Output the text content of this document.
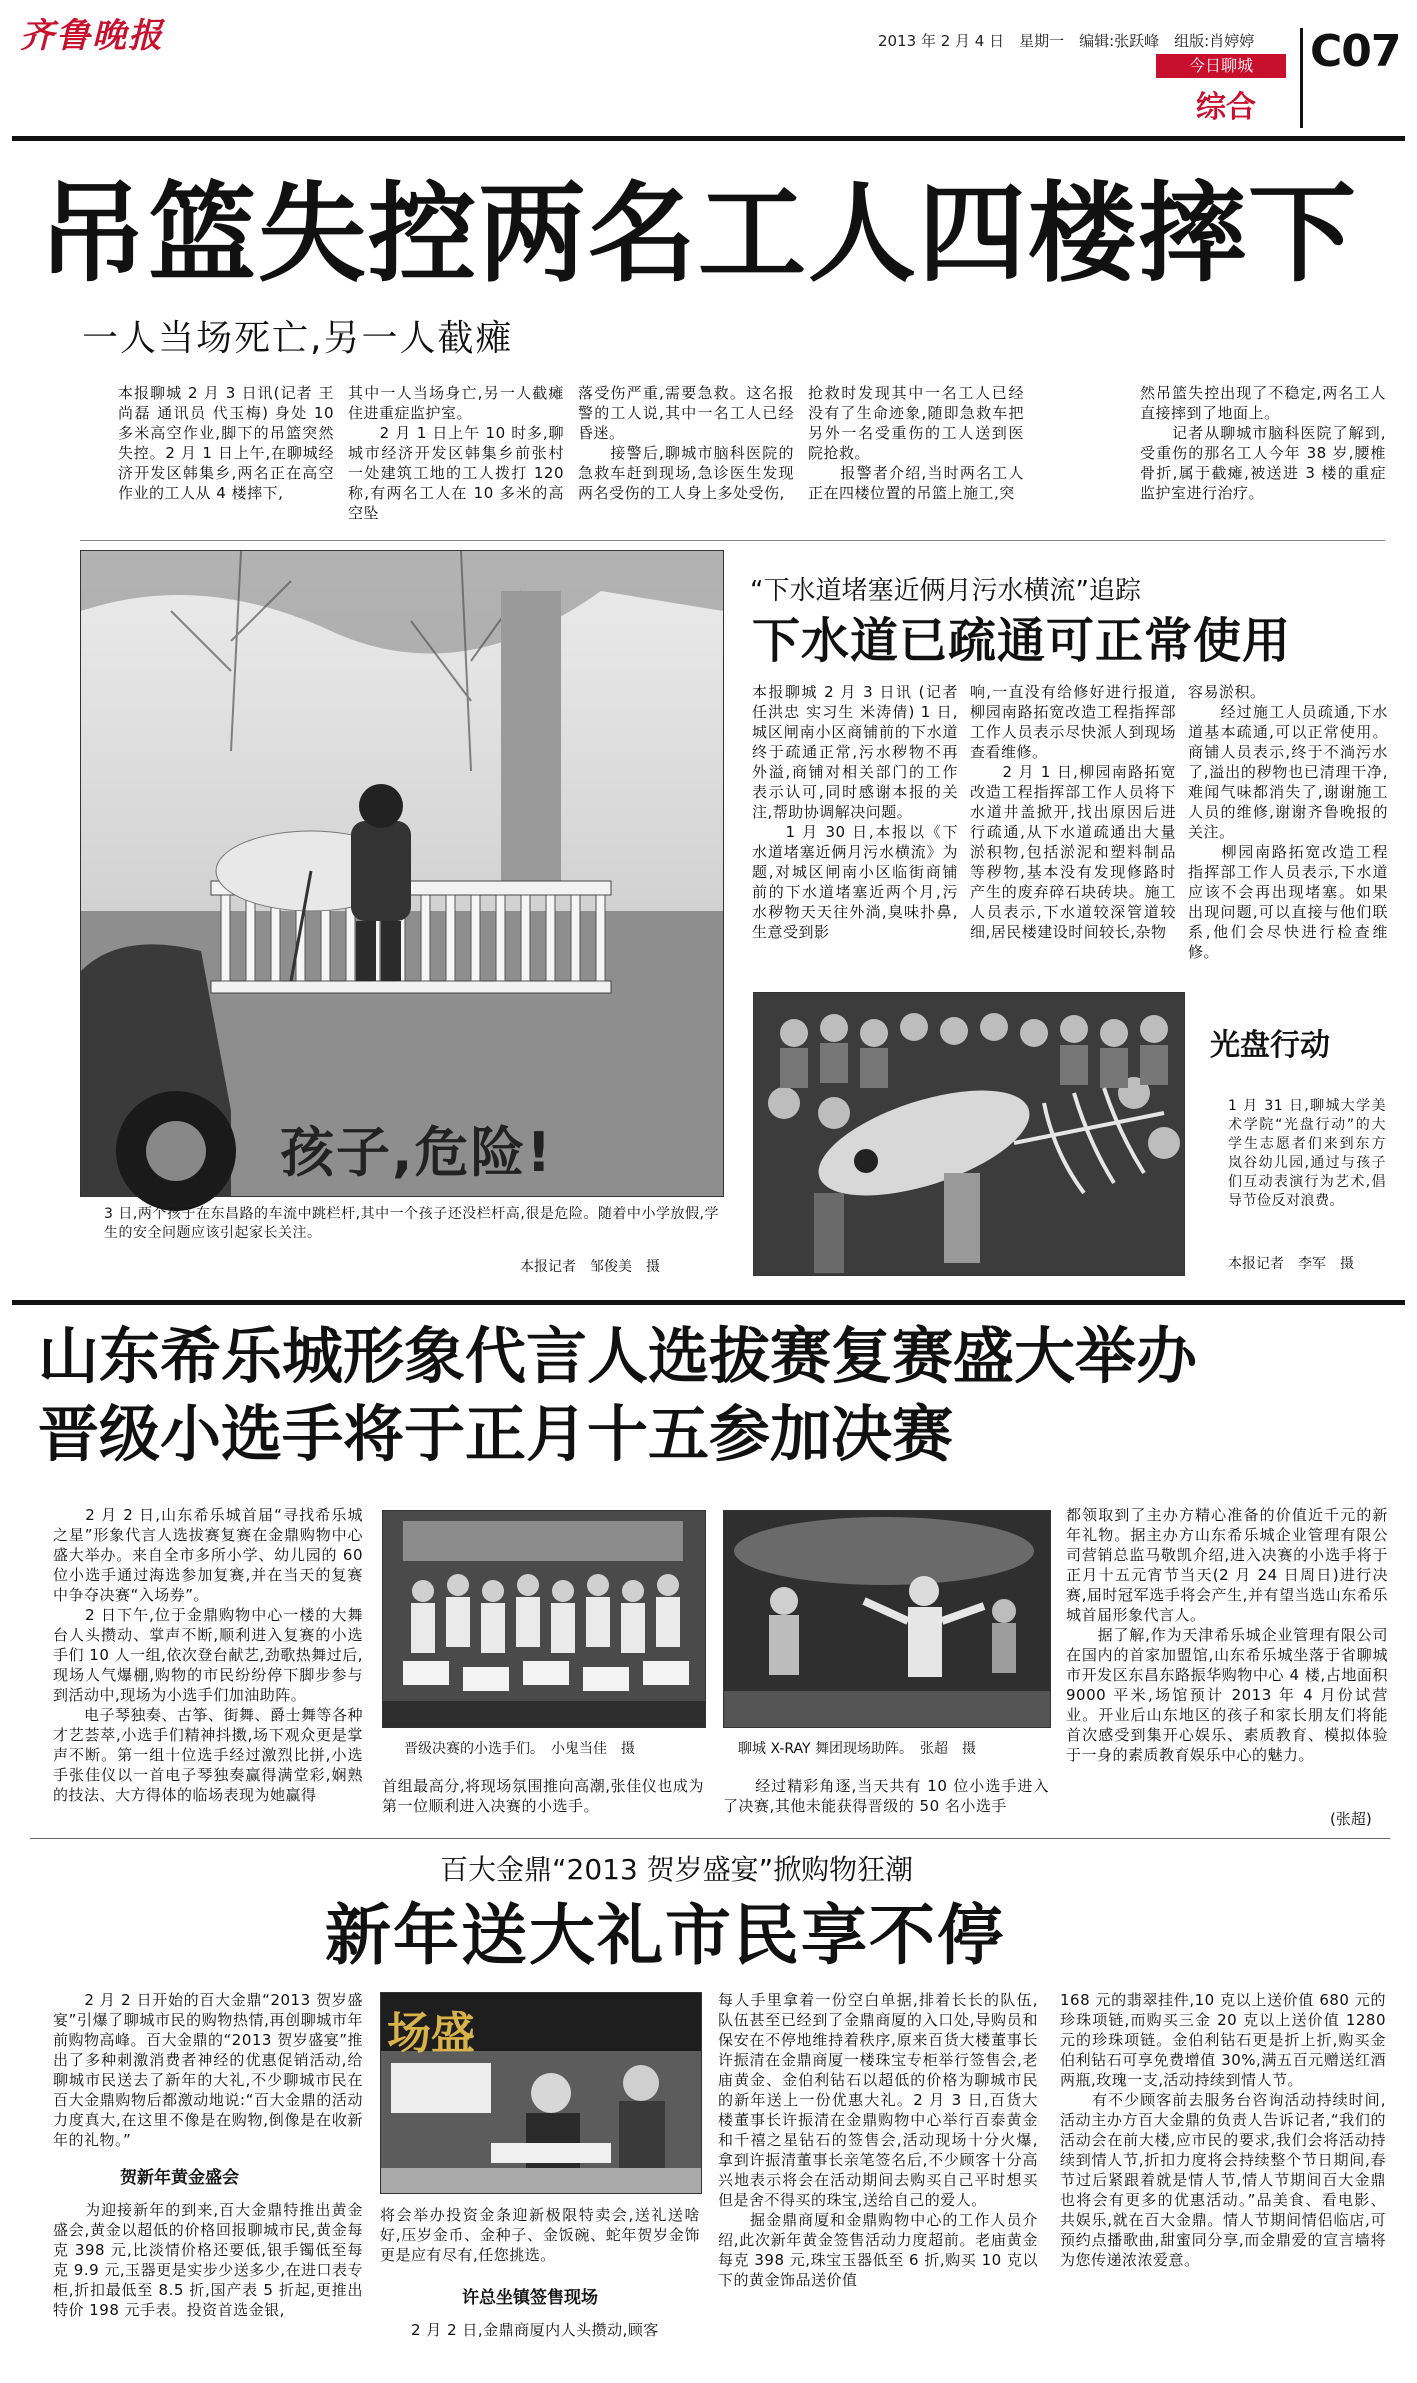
齐鲁晚报	2013 年 2 月 4 日　星期一　编辑:张跃峰　组版:肖婷婷
今日聊城
综合
C07
吊篮失控两名工人四楼摔下
一人当场死亡,另一人截瘫
本报聊城 2 月 3 日讯(记者 王尚磊 通讯员 代玉梅) 身处 10 多米高空作业,脚下的吊篮突然失控。2 月 1 日上午,在聊城经济开发区韩集乡,两名正在高空作业的工人从 4 楼摔下,
其中一人当场身亡,另一人截瘫住进重症监护室。
　　2 月 1 日上午 10 时多,聊城市经济开发区韩集乡前张村一处建筑工地的工人拨打 120 称,有两名工人在 10 多米的高空坠
落受伤严重,需要急救。这名报警的工人说,其中一名工人已经昏迷。
　　接警后,聊城市脑科医院的急救车赶到现场,急诊医生发现两名受伤的工人身上多处受伤,
抢救时发现其中一名工人已经没有了生命迹象,随即急救车把另外一名受重伤的工人送到医院抢救。
　　报警者介绍,当时两名工人正在四楼位置的吊篮上施工,突
然吊篮失控出现了不稳定,两名工人直接摔到了地面上。
　　记者从聊城市脑科医院了解到,受重伤的那名工人今年 38 岁,腰椎骨折,属于截瘫,被送进 3 楼的重症监护室进行治疗。
孩子,危险!
3 日,两个孩子在东昌路的车流中跳栏杆,其中一个孩子还没栏杆高,很是危险。随着中小学放假,学生的安全问题应该引起家长关注。
本报记者　邹俊美　摄
“下水道堵塞近俩月污水横流”追踪
下水道已疏通可正常使用
本报聊城 2 月 3 日讯 (记者 任洪忠 实习生 米涛倩) 1 日,城区闸南小区商铺前的下水道终于疏通正常,污水秽物不再外溢,商铺对相关部门的工作表示认可,同时感谢本报的关注,帮助协调解决问题。
　　1 月 30 日,本报以《下水道堵塞近俩月污水横流》为题,对城区闸南小区临街商铺前的下水道堵塞近两个月,污水秽物天天往外淌,臭味扑鼻,生意受到影
响,一直没有给修好进行报道,柳园南路拓宽改造工程指挥部工作人员表示尽快派人到现场查看维修。
　　2 月 1 日,柳园南路拓宽改造工程指挥部工作人员将下水道井盖掀开,找出原因后进行疏通,从下水道疏通出大量淤积物,包括淤泥和塑料制品等秽物,基本没有发现修路时产生的废弃碎石块砖块。施工人员表示,下水道较深管道较细,居民楼建设时间较长,杂物
容易淤积。
　　经过施工人员疏通,下水道基本疏通,可以正常使用。商铺人员表示,终于不淌污水了,溢出的秽物也已清理干净,难闻气味都消失了,谢谢施工人员的维修,谢谢齐鲁晚报的关注。
　　柳园南路拓宽改造工程指挥部工作人员表示,下水道应该不会再出现堵塞。如果出现问题,可以直接与他们联系,他们会尽快进行检查维修。
光盘行动
1 月 31 日,聊城大学美术学院“光盘行动”的大学生志愿者们来到东方岚谷幼儿园,通过与孩子们互动表演行为艺术,倡导节俭反对浪费。
本报记者　李军　摄
山东希乐城形象代言人选拔赛复赛盛大举办
晋级小选手将于正月十五参加决赛
　　2 月 2 日,山东希乐城首届“寻找希乐城之星”形象代言人选拔赛复赛在金鼎购物中心盛大举办。来自全市多所小学、幼儿园的 60 位小选手通过海选参加复赛,并在当天的复赛中争夺决赛“入场券”。
　　2 日下午,位于金鼎购物中心一楼的大舞台人头攒动、掌声不断,顺利进入复赛的小选手们 10 人一组,依次登台献艺,劲歌热舞过后,现场人气爆棚,购物的市民纷纷停下脚步参与到活动中,现场为小选手们加油助阵。
　　电子琴独奏、古筝、街舞、爵士舞等各种才艺荟萃,小选手们精神抖擞,场下观众更是掌声不断。第一组十位选手经过激烈比拼,小选手张佳仪以一首电子琴独奏赢得满堂彩,娴熟的技法、大方得体的临场表现为她赢得
晋级决赛的小选手们。　小鬼当佳　摄
首组最高分,将现场氛围推向高潮,张佳仪也成为第一位顺利进入决赛的小选手。
聊城 X-RAY 舞团现场助阵。　张超　摄
　　经过精彩角逐,当天共有 10 位小选手进入了决赛,其他未能获得晋级的 50 名小选手
都领取到了主办方精心准备的价值近千元的新年礼物。据主办方山东希乐城企业管理有限公司营销总监马敬凯介绍,进入决赛的小选手将于正月十五元宵节当天(2 月 24 日周日)进行决赛,届时冠军选手将会产生,并有望当选山东希乐城首届形象代言人。
　　据了解,作为天津希乐城企业管理有限公司在国内的首家加盟馆,山东希乐城坐落于省聊城市开发区东昌东路振华购物中心 4 楼,占地面积 9000 平米,场馆预计 2013 年 4 月份试营业。开业后山东地区的孩子和家长朋友们将能首次感受到集开心娱乐、素质教育、模拟体验于一身的素质教育娱乐中心的魅力。
(张超)
百大金鼎“2013 贺岁盛宴”掀购物狂潮
新年送大礼市民享不停
　　2 月 2 日开始的百大金鼎“2013 贺岁盛宴”引爆了聊城市民的购物热情,再创聊城市年前购物高峰。百大金鼎的“2013 贺岁盛宴”推出了多种刺激消费者神经的优惠促销活动,给聊城市民送去了新年的大礼,不少聊城市民在百大金鼎购物后都激动地说:“百大金鼎的活动力度真大,在这里不像是在购物,倒像是在收新年的礼物。”
贺新年黄金盛会
　　为迎接新年的到来,百大金鼎特推出黄金盛会,黄金以超低的价格回报聊城市民,黄金每克 398 元,比淡情价格还要低,银手镯低至每克 9.9 元,玉器更是实步少送多少,在进口表专柜,折扣最低至 8.5 折,国产表 5 折起,更推出特价 198 元手表。投资首选金银,
场盛
将会举办投资金条迎新极限特卖会,送礼送啥好,压岁金币、金种子、金饭碗、蛇年贺岁金饰更是应有尽有,任您挑选。
许总坐镇签售现场
　　2 月 2 日,金鼎商厦内人头攒动,顾客
每人手里拿着一份空白单据,排着长长的队伍,队伍甚至已经到了金鼎商厦的入口处,导购员和保安在不停地维持着秩序,原来百货大楼董事长许振清在金鼎商厦一楼珠宝专柜举行签售会,老庙黄金、金伯利钻石以超低的价格为聊城市民的新年送上一份优惠大礼。2 月 3 日,百货大楼董事长许振清在金鼎购物中心举行百泰黄金和千禧之星钻石的签售会,活动现场十分火爆,拿到许振清董事长亲笔签名后,不少顾客十分高兴地表示将会在活动期间去购买自己平时想买但是舍不得买的珠宝,送给自己的爱人。
　　掘金鼎商厦和金鼎购物中心的工作人员介绍,此次新年黄金签售活动力度超前。老庙黄金每克 398 元,珠宝玉器低至 6 折,购买 10 克以下的黄金饰品送价值
168 元的翡翠挂件,10 克以上送价值 680 元的珍珠项链,而购买三金 20 克以上送价值 1280 元的珍珠项链。金伯利钻石更是折上折,购买金伯利钻石可享免费增值 30%,满五百元赠送红酒两瓶,玫瑰一支,活动持续到情人节。
　　有不少顾客前去服务台咨询活动持续时间,活动主办方百大金鼎的负责人告诉记者,“我们的活动会在前大楼,应市民的要求,我们会将活动持续到情人节,折扣力度将会持续整个节日期间,春节过后紧跟着就是情人节,情人节期间百大金鼎也将会有更多的优惠活动。”品美食、看电影、共娱乐,就在百大金鼎。情人节期间情侣临店,可预约点播歌曲,甜蜜同分享,而金鼎爱的宣言墙将为您传递浓浓爱意。
